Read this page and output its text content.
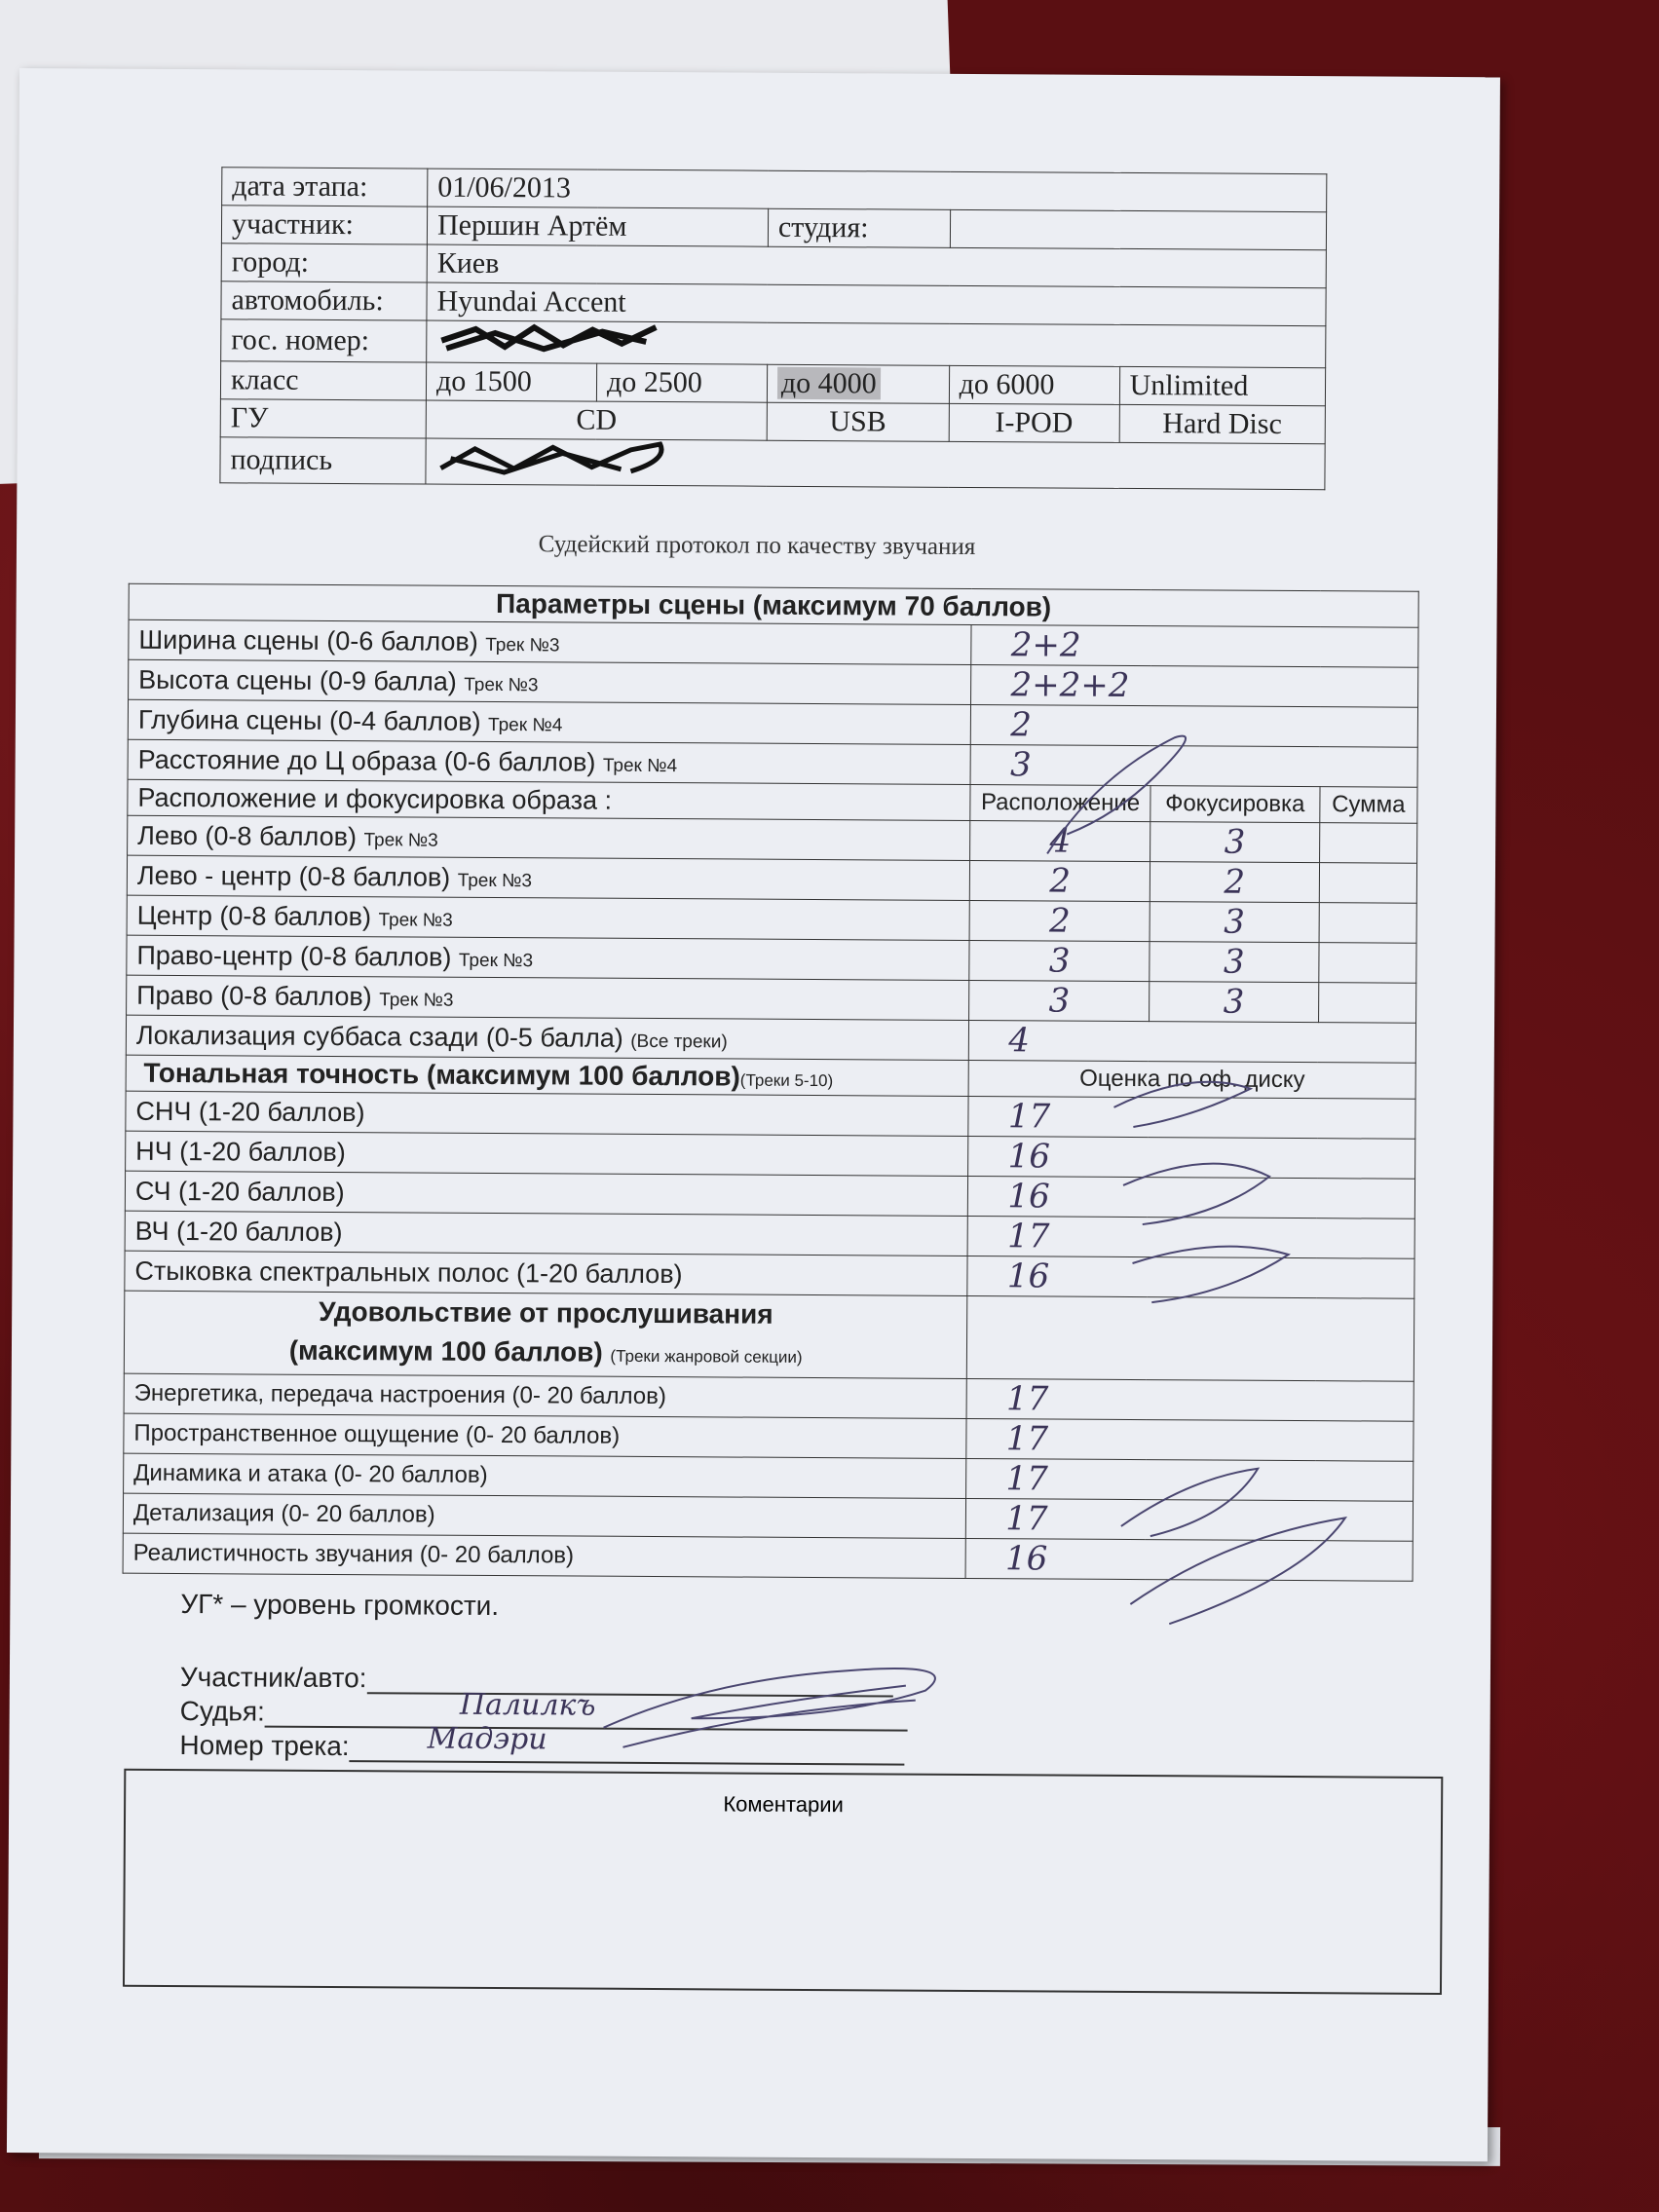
дата этапа:	01/06/2013				
участник:	Першин Артём		студия:		
город:	Киев				
автомобиль:	Hyundai Accent				
гос. номер:	
класс	до 1500	до 2500	до 4000	до 6000	Unlimited
ГУ	CD		USB	I-POD	Hard Disc
подпись	
Судейский протокол по качеству звучания
Параметры сцены (максимум 70 баллов)			
Ширина сцены (0-6 баллов) Трек №3	2+2		
Высота сцены (0-9 балла) Трек №3	2+2+2		
Глубина сцены (0-4 баллов) Трек №4	2		
Расстояние до Ц образа (0-6 баллов) Трек №4	3		
Расположение и фокусировка образа :	Расположение	Фокусировка	Сумма
Лево (0-8 баллов) Трек №3	4	3	
Лево - центр (0-8 баллов) Трек №3	2	2	
Центр (0-8 баллов) Трек №3	2	3	
Право-центр (0-8 баллов) Трек №3	3	3	
Право (0-8 баллов) Трек №3	3	3	
Локализация суббаса сзади (0-5 балла) (Все треки)	4		
Тональная точность (максимум 100 баллов)(Треки 5-10)	Оценка по оф. диску		
СНЧ (1-20 баллов)	17		
НЧ (1-20 баллов)	16		
СЧ (1-20 баллов)	16		
ВЧ (1-20 баллов)	17		
Стыковка спектральных полос (1-20 баллов)	16		
Удовольствие от прослушивания
(максимум 100 баллов) (Треки жанровой секции)			
Энергетика, передача настроения (0- 20 баллов)	17		
Пространственное ощущение (0- 20 баллов)	17		
Динамика и атака (0- 20 баллов)	17		
Детализация (0- 20 баллов)	17		
Реалистичность звучания (0- 20 баллов)	16		
УГ* – уровень громкости.
Участник/авто:
Судья:	Палилкъ
Номер трека:	Мадэри
Коментарии
